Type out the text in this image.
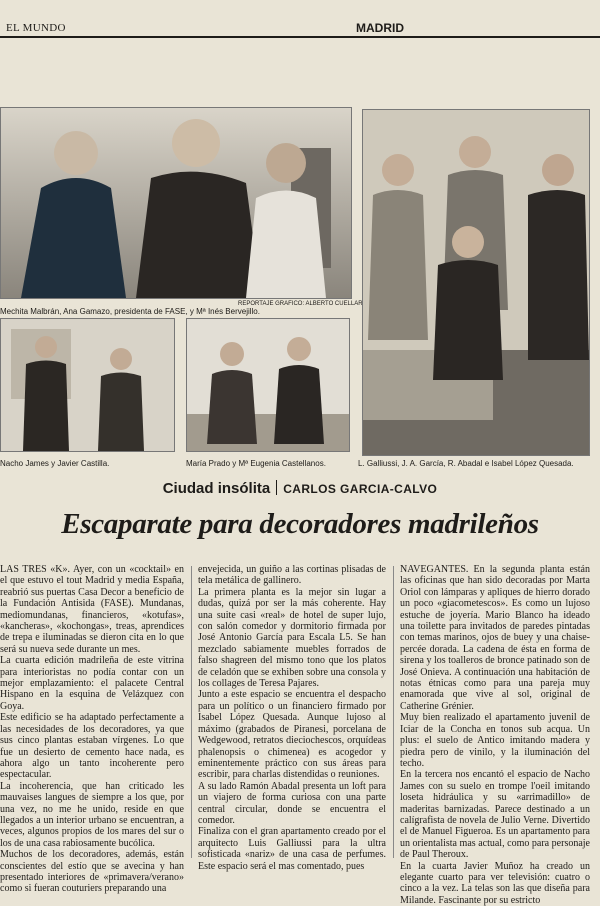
EL MUNDO	MADRID
REPORTAJE GRAFICO: ALBERTO CUELLAR
Mechita Malbrán, Ana Gamazo, presidenta de FASE, y Mª Inés Bervejillo.
L. Galliussi, J. A. García, R. Abadal e Isabel López Quesada.
Nacho James y Javier Castilla.	María Prado y Mª Eugenia Castellanos.
Ciudad insólita CARLOS GARCIA-CALVO
Escaparate para decoradores madrileños

LAS TRES «K». Ayer, con un «cocktail» en el que estuvo el tout Madrid y media España, reabrió sus puertas Casa Decor a beneficio de la Fundación Antisida (FASE). Mundanas, mediomundanas, financieros, «kotufas», «kancheras», «kochongas», treas, aprendices de trepa e iluminadas se dieron cita en lo que será su nueva sede durante un mes.

La cuarta edición madrileña de este vitrina para interioristas no podía contar con un mejor emplazamiento: el palacete Central Hispano en la esquina de Velázquez con Goya.

Este edificio se ha adaptado perfectamente a las necesidades de los decoradores, ya que sus cinco plantas estaban vírgenes. Lo que fue un desierto de cemento hace nada, es ahora algo un tanto incoherente pero espectacular.

La incoherencia, que han criticado les mauvaises langues de siempre a los que, por una vez, no me he unido, reside en que llegados a un interior urbano se encuentran, a veces, algunos propios de los mares del sur o los de una casa rabiosamente bucólica.

Muchos de los decoradores, además, están conscientes del estío que se avecina y han presentado interiores de «primavera/verano» como si fueran couturiers preparando una

envejecida, un guiño a las cortinas plisadas de tela metálica de gallinero.

La primera planta es la mejor sin lugar a dudas, quizá por ser la más coherente. Hay una suite casi «real» de hotel de super lujo, con salón comedor y dormitorio firmada por José Antonio García para Escala L5. Se han mezclado sabiamente muebles forrados de falso shagreen del mismo tono que los platos de celadón que se exhiben sobre una consola y los collages de Teresa Pajares.

Junto a este espacio se encuentra el despacho para un político o un financiero firmado por Isabel López Quesada. Aunque lujoso al máximo (grabados de Piranesi, porcelana de Wedgewood, retratos dieciochescos, orquídeas phalenopsis o chimenea) es acogedor y eminentemente práctico con sus áreas para escribir, para charlas distendidas o reuniones.

A su lado Ramón Abadal presenta un loft para un viajero de forma curiosa con una parte central circular, donde se encuentra el comedor.

Finaliza con el gran apartamento creado por el arquitecto Luis Galliussi para la ultra sofisticada «nariz» de una casa de perfumes. Este espacio será el mas comentado, pues

NAVEGANTES. En la segunda planta están las oficinas que han sido decoradas por Marta Oriol con lámparas y apliques de hierro dorado un poco «giacometescos». Es como un lujoso estuche de joyería. Mario Blanco ha ideado una toilette para invitados de paredes pintadas con temas marinos, ojos de buey y una chaise-percée dorada. La cadena de ésta en forma de sirena y los toalleros de bronce patinado son de José Onieva. A continuación una habitación de notas étnicas como para una pareja muy enamorada que vive al sol, original de Catherine Grénier.

Muy bien realizado el apartamento juvenil de Iciar de la Concha en tonos sub acqua. Un plus: el suelo de Antico imitando madera y piedra pero de vinilo, y la iluminación del techo.

En la tercera nos encantó el espacio de Nacho James con su suelo en trompe l'oeil imitando loseta hidráulica y su «arrimadillo» de maderitas barnizadas. Parece destinado a un calígrafista de novela de Julio Verne. Divertido el de Manuel Figueroa. Es un apartamento para un orientalista mas actual, como para personaje de Paul Theroux.

En la cuarta Javier Muñoz ha creado un elegante cuarto para ver televisión: cuatro o cinco a la vez. La telas son las que diseña para Milande. Fascinante por su estricto
